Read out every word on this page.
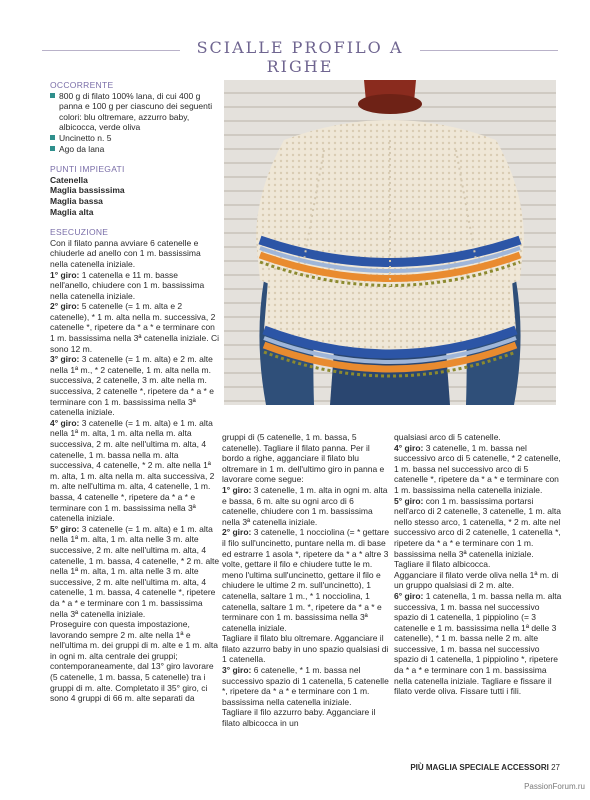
SCIALLE PROFILO A RIGHE

OCCORRENTE

800 g di filato 100% lana, di cui 400 g panna e 100 g per ciascuno dei seguenti colori: blu oltremare, azzurro baby, albicocca, verde oliva
Uncinetto n. 5
Ago da lana

PUNTI IMPIEGATI

Catenella

Maglia bassissima

Maglia bassa

Maglia alta

ESECUZIONE

Con il filato panna avviare 6 catenelle e chiuderle ad anello con 1 m. bassissima nella catenella iniziale.

1° giro: 1 catenella e 11 m. basse nell'anello, chiudere con 1 m. bassissima nella catenella iniziale.

2° giro: 5 catenelle (= 1 m. alta e 2 catenelle), * 1 m. alta nella m. successiva, 2 catenelle *, ripetere da * a * e terminare con 1 m. bassissima nella 3ª catenella iniziale. Ci sono 12 m.

3° giro: 3 catenelle (= 1 m. alta) e 2 m. alte nella 1ª m., * 2 catenelle, 1 m. alta nella m. successiva, 2 catenelle, 3 m. alte nella m. successiva, 2 catenelle *, ripetere da * a * e terminare con 1 m. bassissima nella 3ª catenella iniziale.

4° giro: 3 catenelle (= 1 m. alta) e 1 m. alta nella 1ª m. alta, 1 m. alta nella m. alta successiva, 2 m. alte nell'ultima m. alta, 4 catenelle, 1 m. bassa nella m. alta successiva, 4 catenelle, * 2 m. alte nella 1ª m. alta, 1 m. alta nella m. alta successiva, 2 m. alte nell'ultima m. alta, 4 catenelle, 1 m. bassa, 4 catenelle *, ripetere da * a * e terminare con 1 m. bassissima nella 3ª catenella iniziale.

5° giro: 3 catenelle (= 1 m. alta) e 1 m. alta nella 1ª m. alta, 1 m. alta nelle 3 m. alte successive, 2 m. alte nell'ultima m. alta, 4 catenelle, 1 m. bassa, 4 catenelle, * 2 m. alte nella 1ª m. alta, 1 m. alta nelle 3 m. alte successive, 2 m. alte nell'ultima m. alta, 4 catenelle, 1 m. bassa, 4 catenelle *, ripetere da * a * e terminare con 1 m. bassissima nella 3ª catenella iniziale.

Proseguire con questa impostazione, lavorando sempre 2 m. alte nella 1ª e nell'ultima m. dei gruppi di m. alte e 1 m. alta in ogni m. alta centrale dei gruppi; contemporaneamente, dal 13° giro lavorare (5 catenelle, 1 m. bassa, 5 catenelle) tra i gruppi di m. alte. Completato il 35° giro, ci sono 4 gruppi di 66 m. alte separati da

gruppi di (5 catenelle, 1 m. bassa, 5 catenelle). Tagliare il filato panna. Per il bordo a righe, agganciare il filato blu oltremare in 1 m. dell'ultimo giro in panna e lavorare come segue:

1° giro: 3 catenelle, 1 m. alta in ogni m. alta e bassa, 6 m. alte su ogni arco di 6 catenelle, chiudere con 1 m. bassissima nella 3ª catenella iniziale.

2° giro: 3 catenelle, 1 nocciolina (= * gettare il filo sull'uncinetto, puntare nella m. di base ed estrarre 1 asola *, ripetere da * a * altre 3 volte, gettare il filo e chiudere tutte le m. meno l'ultima sull'uncinetto, gettare il filo e chiudere le ultime 2 m. sull'uncinetto), 1 catenella, saltare 1 m., * 1 nocciolina, 1 catenella, saltare 1 m. *, ripetere da * a * e terminare con 1 m. bassissima nella 3ª catenella iniziale.

Tagliare il filato blu oltremare. Agganciare il filato azzurro baby in uno spazio qualsiasi di 1 catenella.

3° giro: 6 catenelle, * 1 m. bassa nel successivo spazio di 1 catenella, 5 catenelle *, ripetere da * a * e terminare con 1 m. bassissima nella catenella iniziale.

Tagliare il filo azzurro baby. Agganciare il filato albicocca in un

qualsiasi arco di 5 catenelle.

4° giro: 3 catenelle, 1 m. bassa nel successivo arco di 5 catenelle, * 2 catenelle, 1 m. bassa nel successivo arco di 5 catenelle *, ripetere da * a * e terminare con 1 m. bassissima nella catenella iniziale.

5° giro: con 1 m. bassissima portarsi nell'arco di 2 catenelle, 3 catenelle, 1 m. alta nello stesso arco, 1 catenella, * 2 m. alte nel successivo arco di 2 catenelle, 1 catenella *, ripetere da * a * e terminare con 1 m. bassissima nella 3ª catenella iniziale. Tagliare il filato albicocca.

Agganciare il filato verde oliva nella 1ª m. di un gruppo qualsiasi di 2 m. alte.

6° giro: 1 catenella, 1 m. bassa nella m. alta successiva, 1 m. bassa nel successivo spazio di 1 catenella, 1 pippiolino (= 3 catenelle e 1 m. bassissima nella 1ª delle 3 catenelle), * 1 m. bassa nelle 2 m. alte successive, 1 m. bassa nel successivo spazio di 1 catenella, 1 pippiolino *, ripetere da * a * e terminare con 1 m. bassissima nella catenella iniziale. Tagliare e fissare il filato verde oliva. Fissare tutti i fili.

PIÙ MAGLIA SPECIALE ACCESSORI 27
PassionForum.ru
